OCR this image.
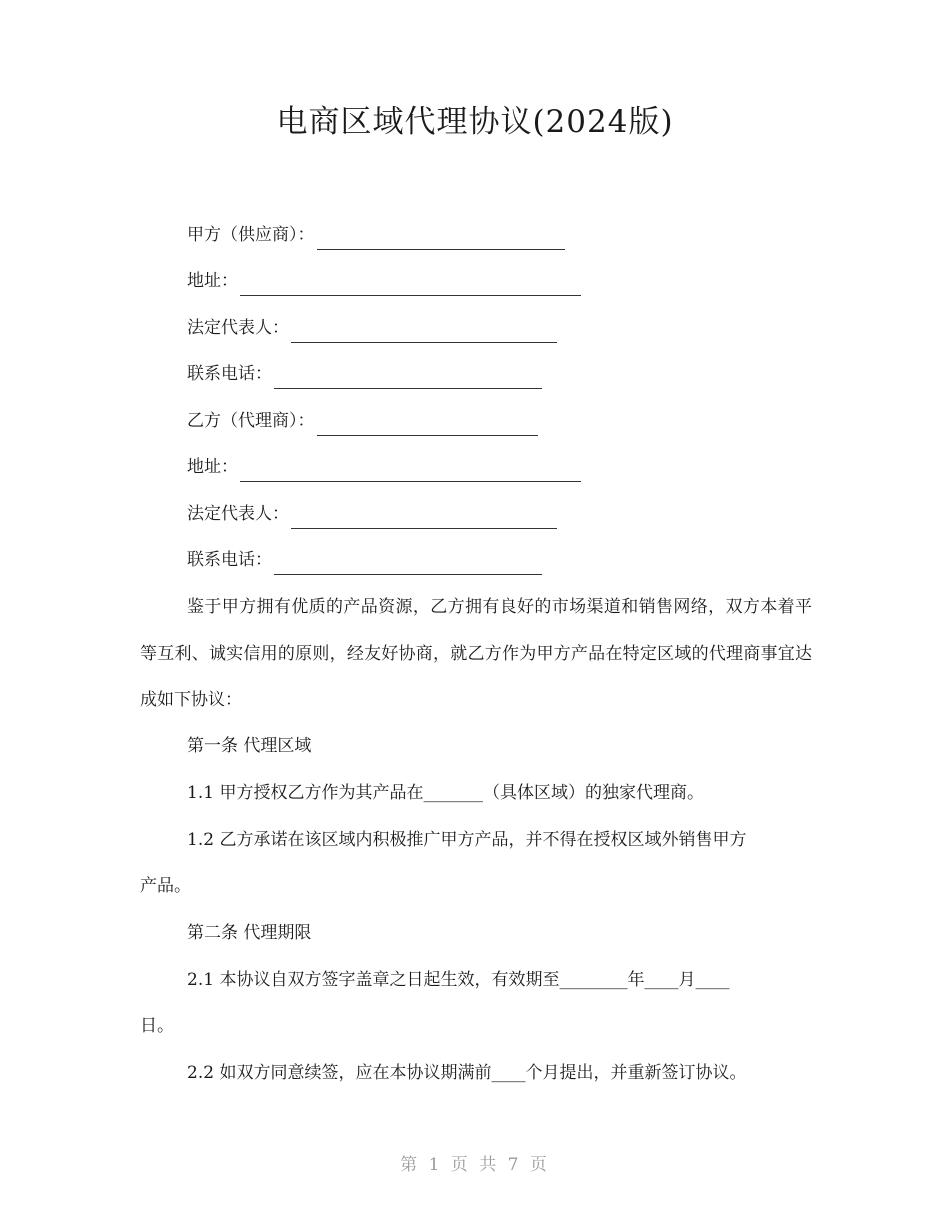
电商区域代理协议(2024版)
甲方（供应商）：
地址：
法定代表人：
联系电话：
乙方（代理商）：
地址：
法定代表人：
联系电话：

鉴于甲方拥有优质的产品资源，乙方拥有良好的市场渠道和销售网络，双方本着平等互利、诚实信用的原则，经友好协商，就乙方作为甲方产品在特定区域的代理商事宜达成如下协议：

第一条 代理区域
1.1 甲方授权乙方作为其产品在_______（具体区域）的独家代理商。
1.2 乙方承诺在该区域内积极推广甲方产品，并不得在授权区域外销售甲方
产品。
第二条 代理期限
2.1 本协议自双方签字盖章之日起生效，有效期至________年____月____
日。
2.2 如双方同意续签，应在本协议期满前____个月提出，并重新签订协议。
第 1 页 共 7 页
